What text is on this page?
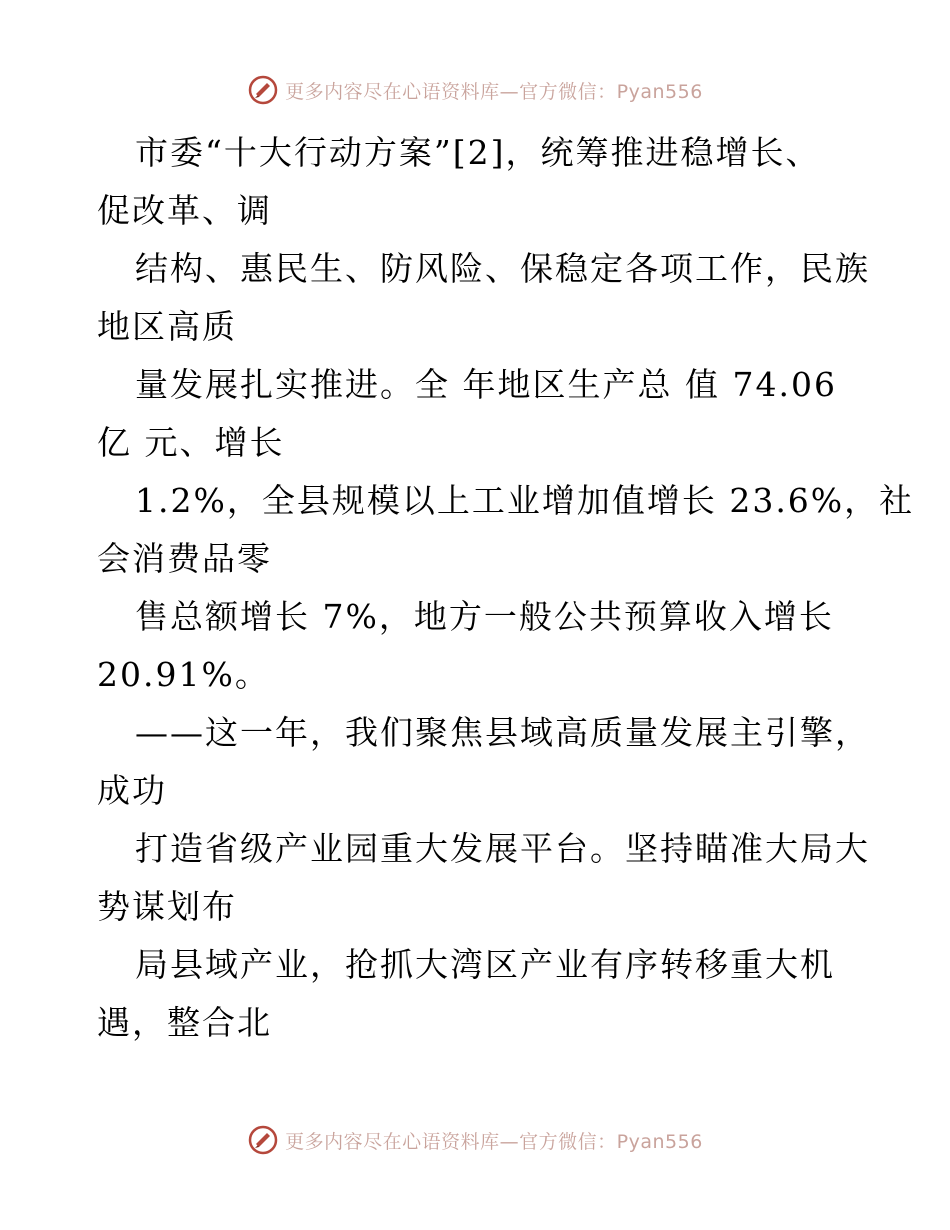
更多内容尽在心语资料库—官方微信：Pyan556
市委“十大行动方案”[2]，统筹推进稳增长、
促改革、调
结构、惠民生、防风险、保稳定各项工作，民族
地区高质
量发展扎实推进。全 年地区生产总 值 74.06
亿 元、增长
1.2%，全县规模以上工业增加值增长 23.6%，社
会消费品零
售总额增长 7%，地方一般公共预算收入增长
20.91%。
——这一年，我们聚焦县域高质量发展主引擎，
成功
打造省级产业园重大发展平台。坚持瞄准大局大
势谋划布
局县域产业，抢抓大湾区产业有序转移重大机
遇，整合北
更多内容尽在心语资料库—官方微信：Pyan556
